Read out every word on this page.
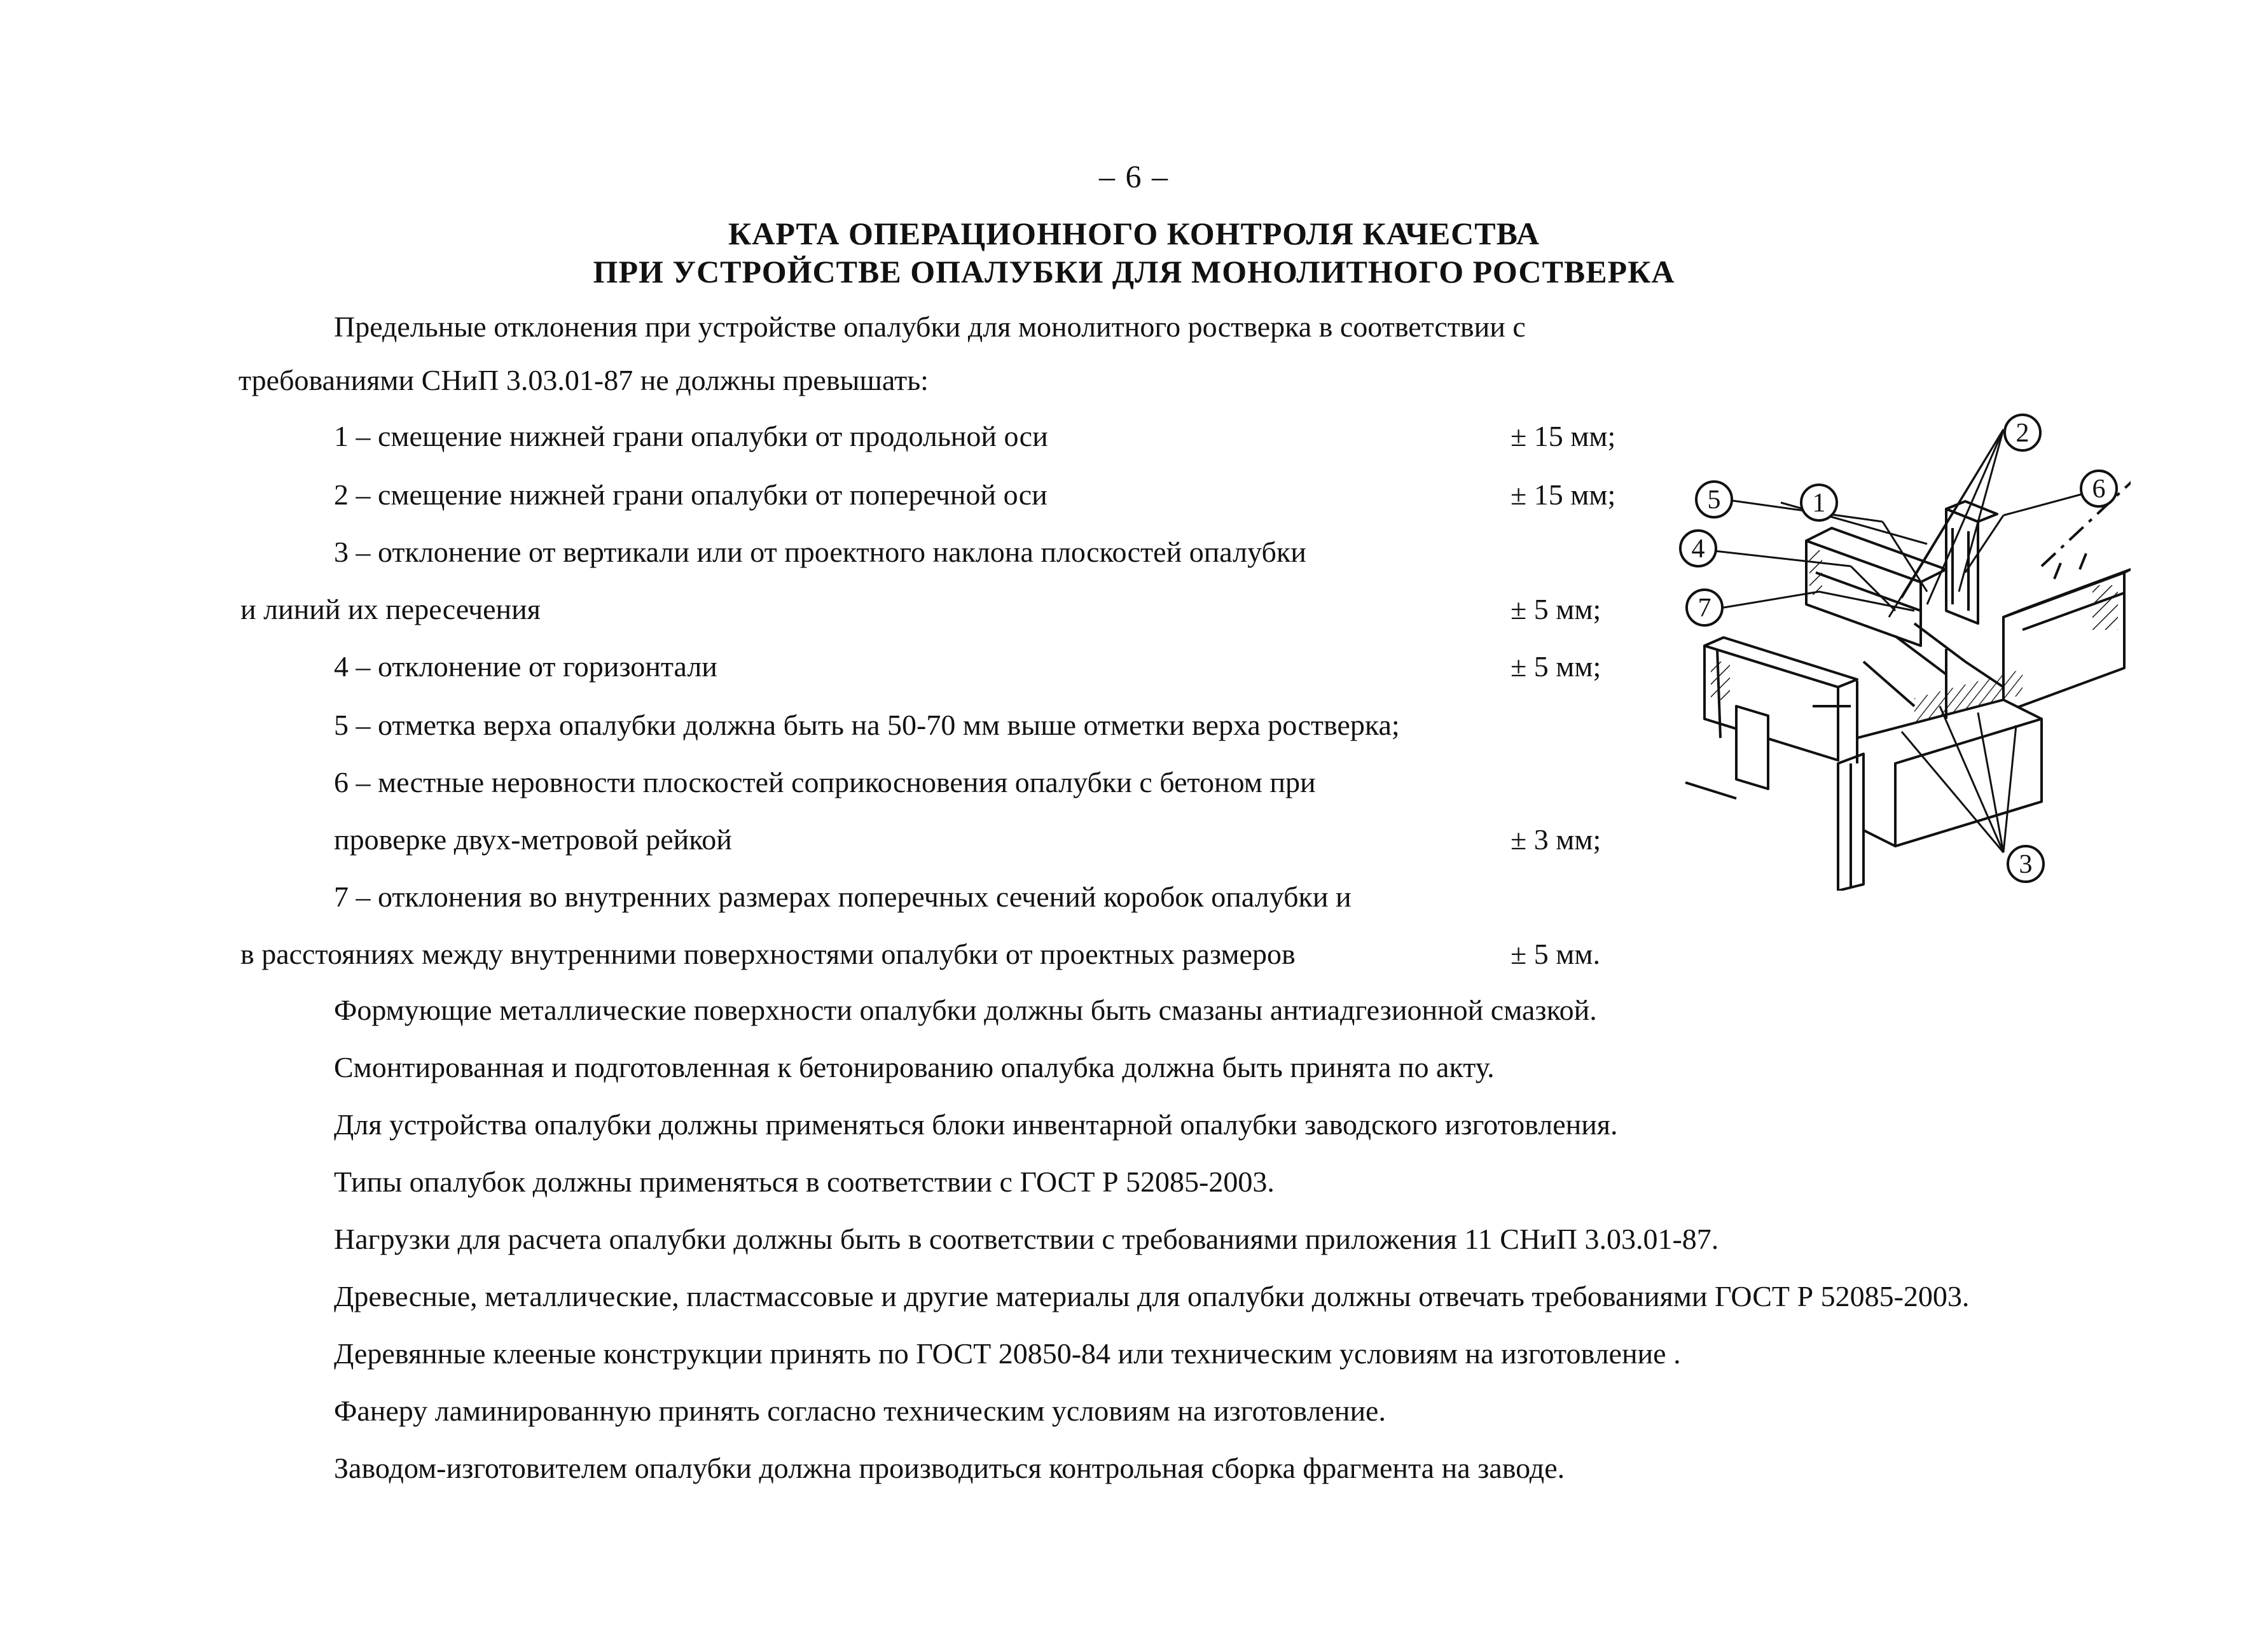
– 6 –
КАРТА ОПЕРАЦИОННОГО КОНТРОЛЯ КАЧЕСТВА
ПРИ УСТРОЙСТВЕ ОПАЛУБКИ ДЛЯ МОНОЛИТНОГО РОСТВЕРКА
Предельные отклонения при устройстве опалубки для монолитного ростверка в соответствии с
требованиями СНиП 3.03.01-87 не должны превышать:
1 – смещение нижней грани опалубки от продольной оси	± 15 мм;
2 – смещение нижней грани опалубки от поперечной оси	± 15 мм;
3 – отклонение от вертикали или от проектного наклона плоскостей опалубки
и линий их пересечения	± 5 мм;
4 – отклонение от горизонтали	± 5 мм;
5 – отметка верха опалубки должна быть на 50-70 мм выше отметки верха ростверка;
6 – местные неровности плоскостей соприкосновения опалубки с бетоном при
проверке двух-метровой рейкой	± 3 мм;
7 – отклонения во внутренних размерах поперечных сечений коробок опалубки и
в расстояниях между внутренними поверхностями опалубки от проектных размеров	± 5 мм.
Формующие металлические поверхности опалубки должны быть смазаны антиадгезионной смазкой.
Смонтированная и подготовленная к бетонированию опалубка должна быть принята по акту.
Для устройства опалубки должны применяться блоки инвентарной опалубки заводского изготовления.
Типы опалубок должны применяться в соответствии с ГОСТ Р 52085-2003.
Нагрузки для расчета опалубки должны быть в соответствии с требованиями приложения 11 СНиП 3.03.01-87.
Древесные, металлические, пластмассовые и другие материалы для опалубки должны отвечать требованиями ГОСТ Р 52085-2003.
Деревянные клееные конструкции принять по ГОСТ 20850-84 или техническим условиям на изготовление .
Фанеру ламинированную принять согласно техническим условиям на изготовление.
Заводом-изготовителем опалубки должна производиться контрольная сборка фрагмента на заводе.
1
2
3
4
5	6
7
